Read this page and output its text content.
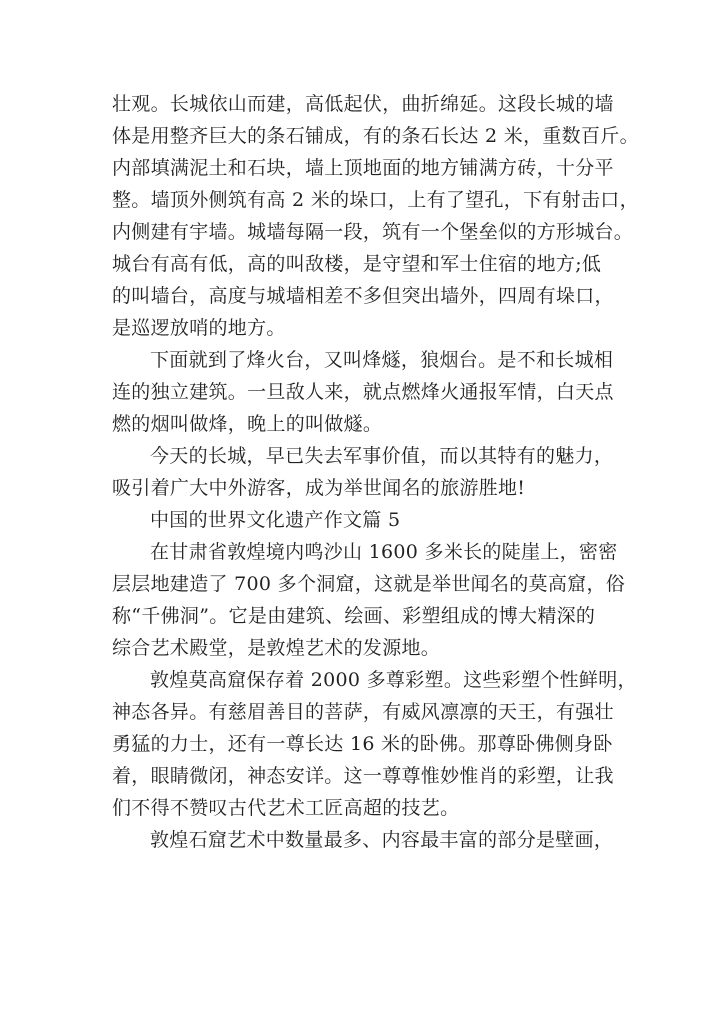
壮观。长城依山而建，高低起伏，曲折绵延。这段长城的墙
体是用整齐巨大的条石铺成，有的条石长达 2 米，重数百斤。
内部填满泥土和石块，墙上顶地面的地方铺满方砖，十分平
整。墙顶外侧筑有高 2 米的垛口，上有了望孔，下有射击口，
内侧建有宇墙。城墙每隔一段，筑有一个堡垒似的方形城台。
城台有高有低，高的叫敌楼，是守望和军士住宿的地方;低
的叫墙台，高度与城墙相差不多但突出墙外，四周有垛口，
是巡逻放哨的地方。
下面就到了烽火台，又叫烽燧，狼烟台。是不和长城相
连的独立建筑。一旦敌人来，就点燃烽火通报军情，白天点
燃的烟叫做烽，晚上的叫做燧。
今天的长城，早已失去军事价值，而以其特有的魅力，
吸引着广大中外游客，成为举世闻名的旅游胜地!
中国的世界文化遗产作文篇 5
在甘肃省敦煌境内鸣沙山 1600 多米长的陡崖上，密密
层层地建造了 700 多个洞窟，这就是举世闻名的莫高窟，俗
称“千佛洞”。它是由建筑、绘画、彩塑组成的博大精深的
综合艺术殿堂，是敦煌艺术的发源地。
敦煌莫高窟保存着 2000 多尊彩塑。这些彩塑个性鲜明，
神态各异。有慈眉善目的菩萨，有威风凛凛的天王，有强壮
勇猛的力士，还有一尊长达 16 米的卧佛。那尊卧佛侧身卧
着，眼睛微闭，神态安详。这一尊尊惟妙惟肖的彩塑，让我
们不得不赞叹古代艺术工匠高超的技艺。
敦煌石窟艺术中数量最多、内容最丰富的部分是壁画，
